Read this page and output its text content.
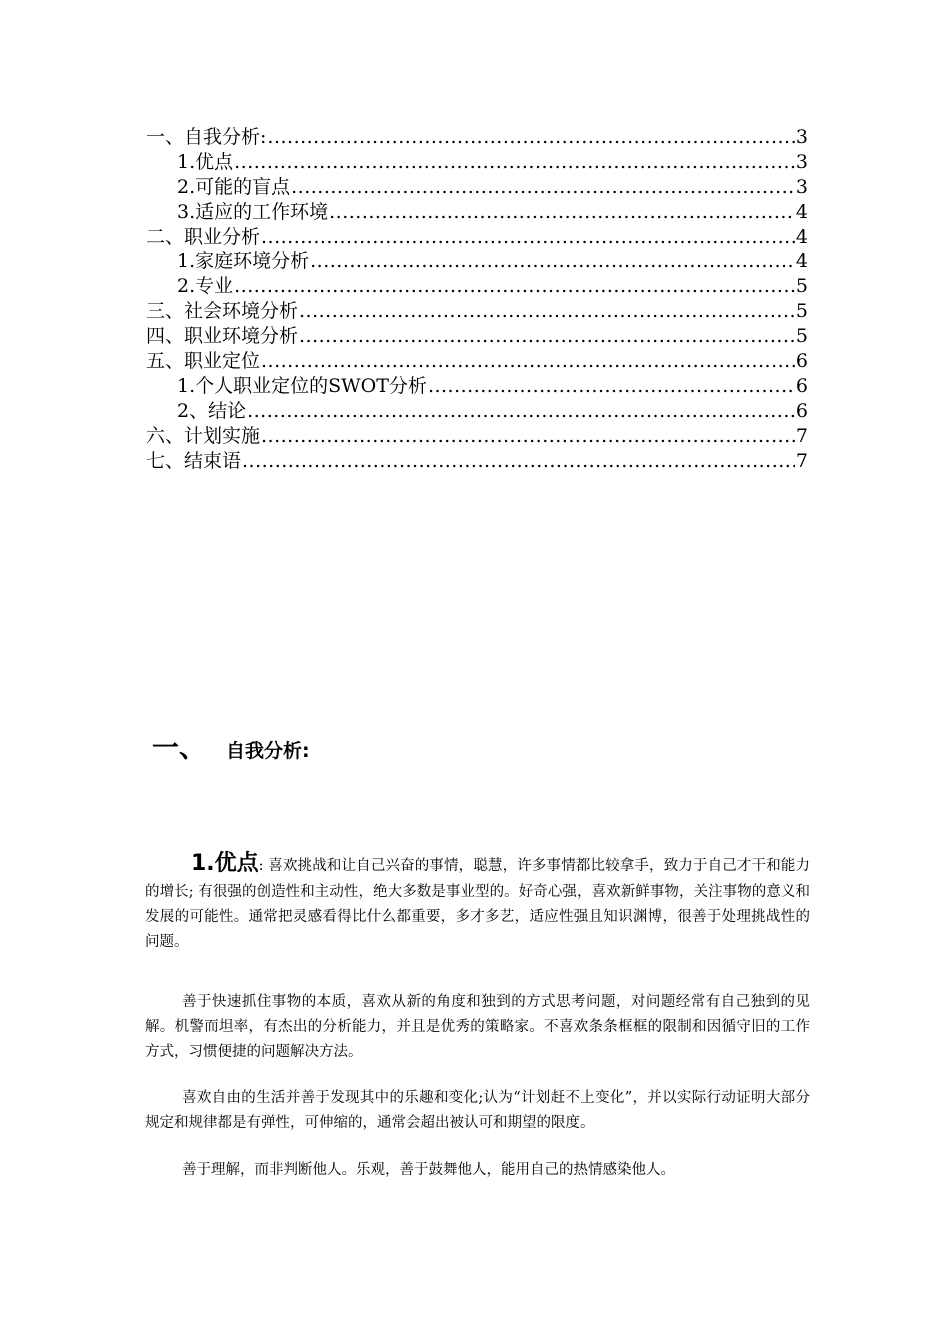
一、自我分析: .....	3
1.优点 .....	3
2.可能的盲点 .....	3
3.适应的工作环境 .....	4
二、职业分析 .....	4
1.家庭环境分析 .....	4
2.专业 .....	5
三、社会环境分析 .....	5
四、职业环境分析 .....	5
五、职业定位 .....	6
1.个人职业定位的SWOT分析 .....	6
2、结论 .....	6
六、计划实施 .....	7
七、结束语 .....	7
一、 自我分析:
1.优点: 喜欢挑战和让自己兴奋的事情，聪慧，许多事情都比较拿手，致力于自己才干和能力的增长; 有很强的创造性和主动性，绝大多数是事业型的。好奇心强，喜欢新鲜事物，关注事物的意义和发展的可能性。通常把灵感看得比什么都重要，多才多艺，适应性强且知识渊博，很善于处理挑战性的问题。
善于快速抓住事物的本质，喜欢从新的角度和独到的方式思考问题，对问题经常有自己独到的见解。机警而坦率，有杰出的分析能力，并且是优秀的策略家。不喜欢条条框框的限制和因循守旧的工作方式，习惯便捷的问题解决方法。
喜欢自由的生活并善于发现其中的乐趣和变化;认为“计划赶不上变化”，并以实际行动证明大部分规定和规律都是有弹性，可伸缩的，通常会超出被认可和期望的限度。
善于理解，而非判断他人。乐观，善于鼓舞他人，能用自己的热情感染他人。
